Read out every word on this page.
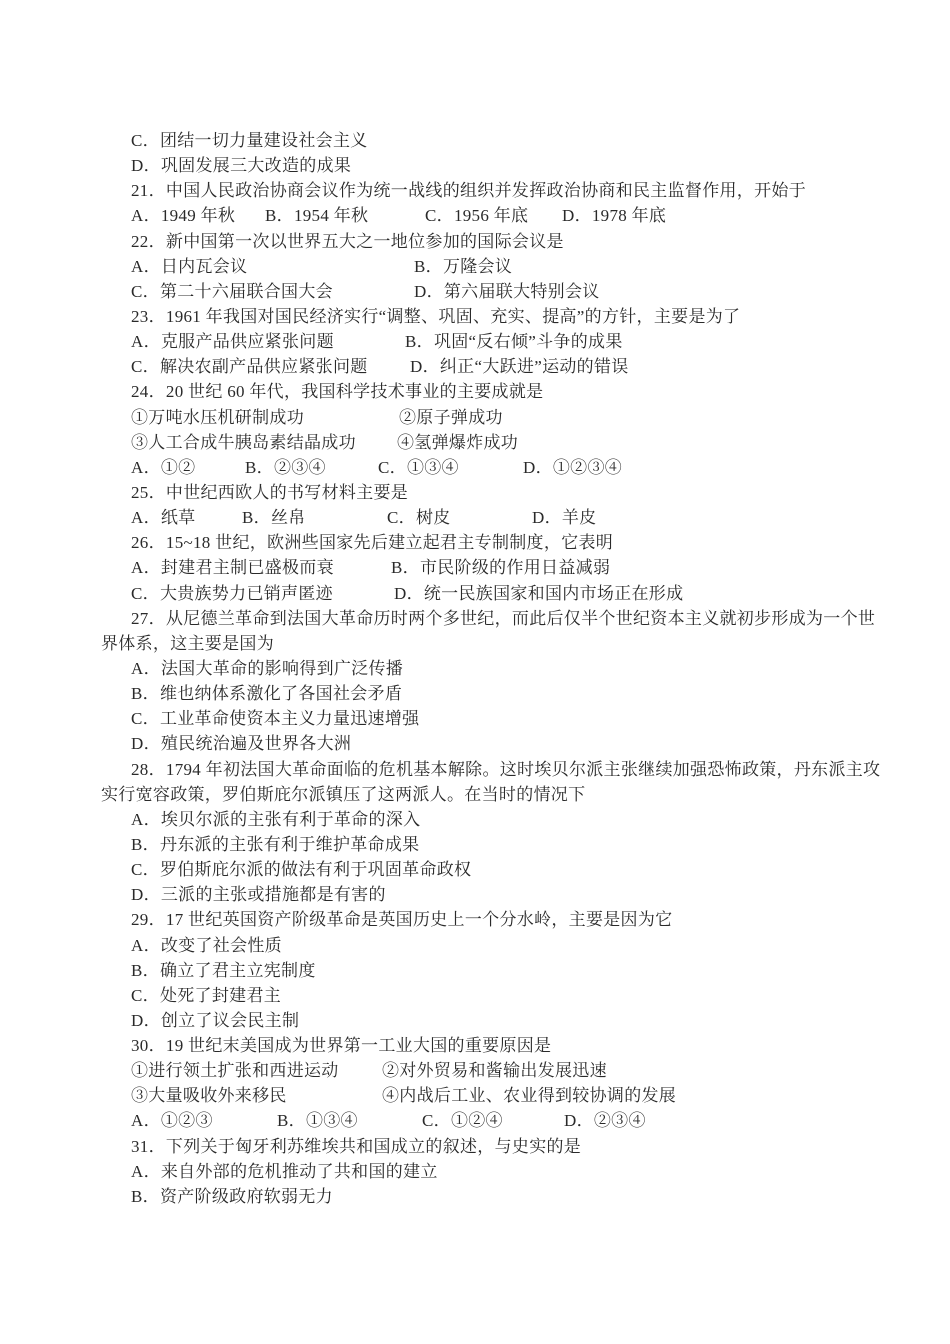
C．团结一切力量建设社会主义
D．巩固发展三大改造的成果
21．中国人民政治协商会议作为统一战线的组织并发挥政治协商和民主监督作用，开始于
A．1949 年秋 B．1954 年秋	C．1956 年底 D．1978 年底
22．新中国第一次以世界五大之一地位参加的国际会议是
A．日内瓦会议	B．万隆会议
C．第二十六届联合国大会	D．第六届联大特别会议
23．1961 年我国对国民经济实行“调整、巩固、充实、提高”的方针，主要是为了
A．克服产品供应紧张问题	B．巩固“反右倾”斗争的成果
C．解决农副产品供应紧张问题 D．纠正“大跃进”运动的错误
24．20 世纪 60 年代，我国科学技术事业的主要成就是
①万吨水压机研制成功	②原子弹成功
③人工合成牛胰岛素结晶成功 ④氢弹爆炸成功
A．①②	B．②③④	C．①③④	D．①②③④
25．中世纪西欧人的书写材料主要是
A．纸草	B．丝帛	C．树皮	D．羊皮
26．15~18 世纪，欧洲些国家先后建立起君主专制制度，它表明
A．封建君主制已盛极而衰	B．市民阶级的作用日益减弱
C．大贵族势力已销声匿迹	D．统一民族国家和国内市场正在形成
27．从尼德兰革命到法国大革命历时两个多世纪，而此后仅半个世纪资本主义就初步形成为一个世
界体系，这主要是国为
A．法国大革命的影响得到广泛传播
B．维也纳体系激化了各国社会矛盾
C．工业革命使资本主义力量迅速增强
D．殖民统治遍及世界各大洲
28．1794 年初法国大革命面临的危机基本解除。这时埃贝尔派主张继续加强恐怖政策，丹东派主攻
实行宽容政策，罗伯斯庇尔派镇压了这两派人。在当时的情况下
A．埃贝尔派的主张有利于革命的深入
B．丹东派的主张有利于维护革命成果
C．罗伯斯庇尔派的做法有利于巩固革命政权
D．三派的主张或措施都是有害的
29．17 世纪英国资产阶级革命是英国历史上一个分水岭，主要是因为它
A．改变了社会性质
B．确立了君主立宪制度
C．处死了封建君主
D．创立了议会民主制
30．19 世纪末美国成为世界第一工业大国的重要原因是
①进行领土扩张和西进运动	②对外贸易和酱输出发展迅速
③大量吸收外来移民	④内战后工业、农业得到较协调的发展
A．①②③	B．①③④	C．①②④	D．②③④
31．下列关于匈牙利苏维埃共和国成立的叙述，与史实的是
A．来自外部的危机推动了共和国的建立
B．资产阶级政府软弱无力
